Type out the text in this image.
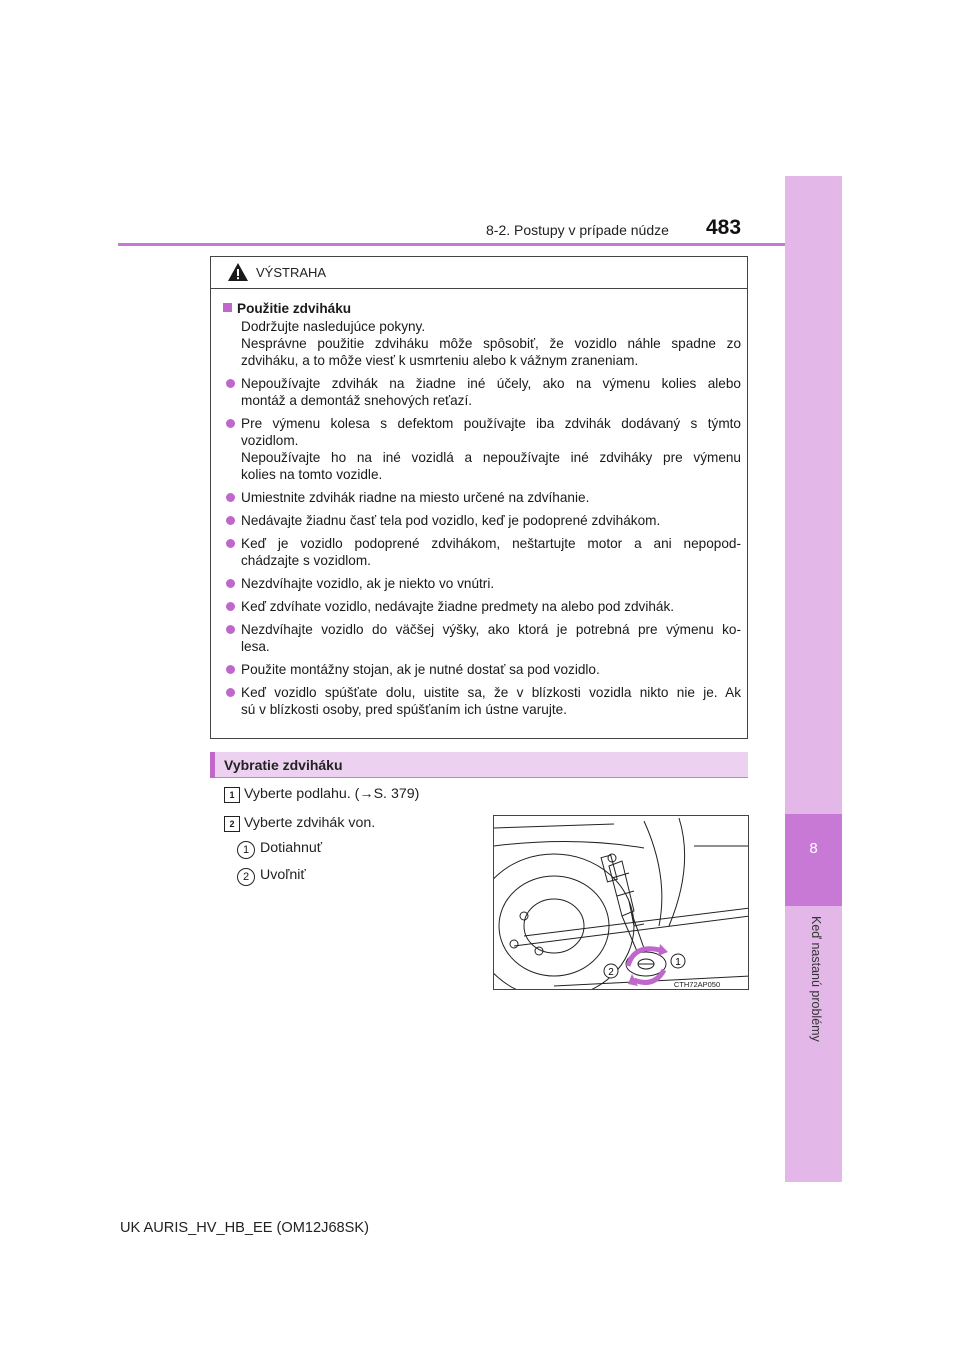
8
Keď nastanú problémy
8-2. Postupy v prípade núdze 483
VÝSTRAHA
Použitie zdviháku
Dodržujte nasledujúce pokyny.
Nesprávne použitie zdviháku môže spôsobiť, že vozidlo náhle spadne zo
zdviháku, a to môže viesť k usmrteniu alebo k vážnym zraneniam.
Nepoužívajte zdvihák na žiadne iné účely, ako na výmenu kolies alebo
montáž a demontáž snehových reťazí.
Pre výmenu kolesa s defektom používajte iba zdvihák dodávaný s týmto
vozidlom.
Nepoužívajte ho na iné vozidlá a nepoužívajte iné zdviháky pre výmenu
kolies na tomto vozidle.
Umiestnite zdvihák riadne na miesto určené na zdvíhanie.
Nedávajte žiadnu časť tela pod vozidlo, keď je podoprené zdvihákom.
Keď je vozidlo podoprené zdvihákom, neštartujte motor a ani nepopod-
chádzajte s vozidlom.
Nezdvíhajte vozidlo, ak je niekto vo vnútri.
Keď zdvíhate vozidlo, nedávajte žiadne predmety na alebo pod zdvihák.
Nezdvíhajte vozidlo do väčšej výšky, ako ktorá je potrebná pre výmenu ko-
lesa.
Použite montážny stojan, ak je nutné dostať sa pod vozidlo.
Keď vozidlo spúšťate dolu, uistite sa, že v blízkosti vozidla nikto nie je. Ak
sú v blízkosti osoby, pred spúšťaním ich ústne varujte.
Vybratie zdviháku
1 Vyberte podlahu. (→S. 379)
2 Vyberte zdvihák von.
1 Dotiahnuť
2 Uvoľniť
1
2
CTH72AP050
UK AURIS_HV_HB_EE (OM12J68SK)
